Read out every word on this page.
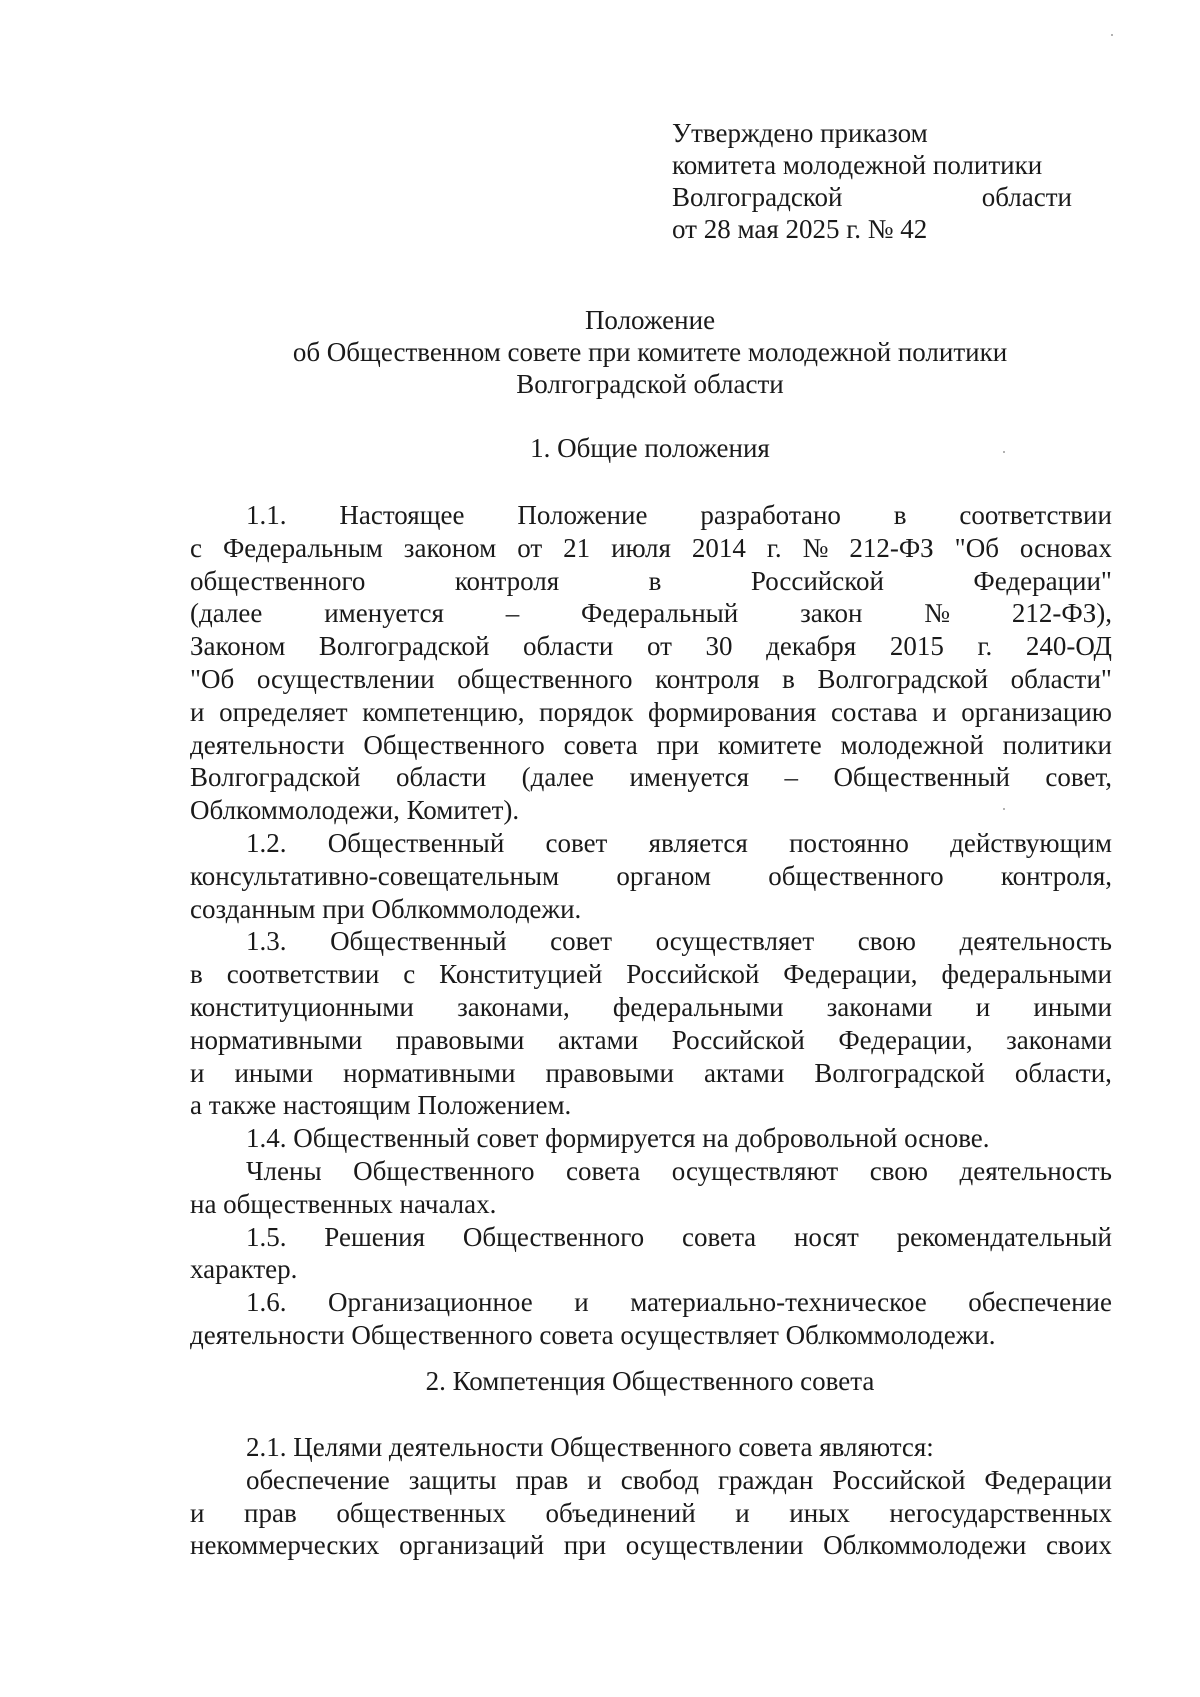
Утверждено приказом
комитета молодежной политики
Волгоградской	области
от 28 мая 2025 г. № 42
Положение
об Общественном совете при комитете молодежной политики
Волгоградской области
1. Общие положения
1.1. Настоящее Положение разработано в соответствии
с Федеральным законом от 21 июля 2014 г. № 212-ФЗ "Об основах
общественного	контроля	в	Российской	Федерации"
(далее именуется – Федеральный закон № 212-ФЗ),
Законом Волгоградской области от 30 декабря 2015 г. 240-ОД
"Об осуществлении общественного контроля в Волгоградской области"
и определяет компетенцию, порядок формирования состава и организацию
деятельности Общественного совета при комитете молодежной политики
Волгоградской области (далее именуется – Общественный совет,
Облкоммолодежи, Комитет).
1.2. Общественный совет является постоянно действующим
консультативно-совещательным органом общественного контроля,
созданным при Облкоммолодежи.
1.3. Общественный совет осуществляет свою деятельность
в соответствии с Конституцией Российской Федерации, федеральными
конституционными законами, федеральными законами и иными
нормативными правовыми актами Российской Федерации, законами
и иными нормативными правовыми актами Волгоградской области,
а также настоящим Положением.
1.4. Общественный совет формируется на добровольной основе.
Члены Общественного совета осуществляют свою деятельность
на общественных началах.
1.5. Решения Общественного совета носят рекомендательный
характер.
1.6. Организационное и материально-техническое обеспечение
деятельности Общественного совета осуществляет Облкоммолодежи.
2. Компетенция Общественного совета
2.1. Целями деятельности Общественного совета являются:
обеспечение защиты прав и свобод граждан Российской Федерации
и прав общественных объединений и иных негосударственных
некоммерческих организаций при осуществлении Облкоммолодежи своих
